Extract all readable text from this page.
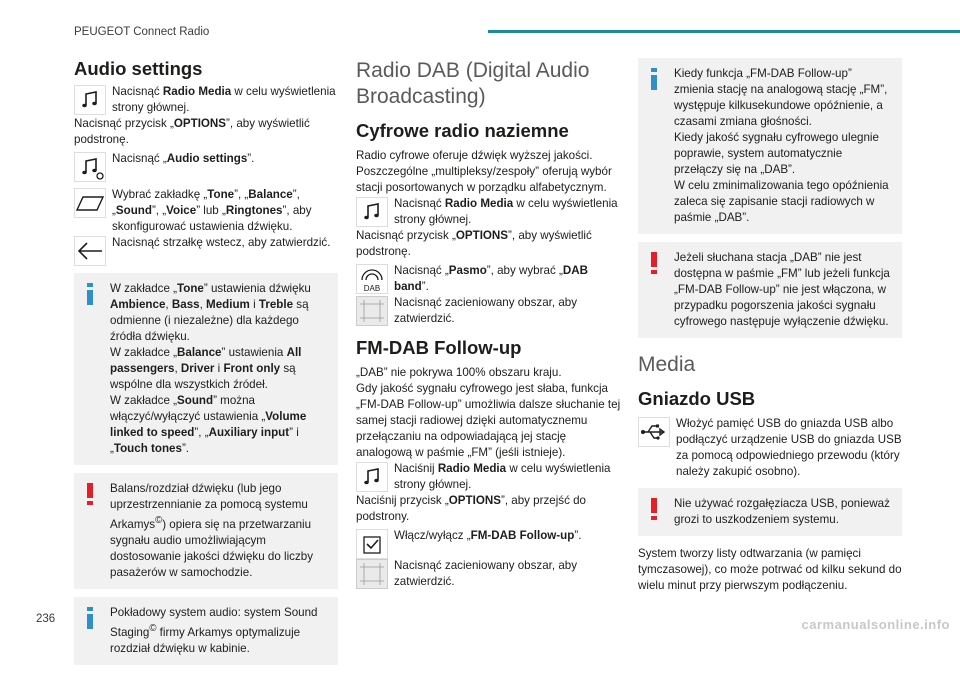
PEUGEOT Connect Radio
Audio settings

Nacisnąć Radio Media w celu wyświetlenia strony głównej.

Nacisnąć przycisk „OPTIONS”, aby wyświetlić podstronę.

Nacisnąć „Audio settings”.

Wybrać zakładkę „Tone”, „Balance”, „Sound”, „Voice” lub „Ringtones”, aby skonfigurować ustawienia dźwięku.

Nacisnąć strzałkę wstecz, aby zatwierdzić.

W zakładce „Tone” ustawienia dźwięku Ambience, Bass, Medium i Treble są odmienne (i niezależne) dla każdego źródła dźwięku.

W zakładce „Balance” ustawienia All passengers, Driver i Front only są wspólne dla wszystkich źródeł.

W zakładce „Sound” można włączyć/wyłączyć ustawienia „Volume linked to speed”, „Auxiliary input” i „Touch tones”.

Balans/rozdział dźwięku (lub jego uprzestrzennianie za pomocą systemu Arkamys©) opiera się na przetwarzaniu sygnału audio umożliwiającym dostosowanie jakości dźwięku do liczby pasażerów w samochodzie.

Pokładowy system audio: system Sound Staging© firmy Arkamys optymalizuje rozdział dźwięku w kabinie.

Radio DAB (Digital Audio Broadcasting)
Cyfrowe radio naziemne

Radio cyfrowe oferuje dźwięk wyższej jakości.

Poszczególne „multipleksy/zespoły” oferują wybór stacji posortowanych w porządku alfabetycznym.

Nacisnąć Radio Media w celu wyświetlenia strony głównej.

Nacisnąć przycisk „OPTIONS”, aby wyświetlić podstronę.

DAB

Nacisnąć „Pasmo”, aby wybrać „DAB band”.

Nacisnąć zacieniowany obszar, aby zatwierdzić.

FM-DAB Follow-up

„DAB” nie pokrywa 100% obszaru kraju.

Gdy jakość sygnału cyfrowego jest słaba, funkcja „FM-DAB Follow-up” umożliwia dalsze słuchanie tej samej stacji radiowej dzięki automatycznemu przełączaniu na odpowiadającą jej stację analogową w paśmie „FM” (jeśli istnieje).

Naciśnij Radio Media w celu wyświetlenia strony głównej.

Naciśnij przycisk „OPTIONS”, aby przejść do podstrony.

Włącz/wyłącz „FM-DAB Follow-up”.

Nacisnąć zacieniowany obszar, aby zatwierdzić.

Kiedy funkcja „FM-DAB Follow-up” zmienia stację na analogową stację „FM”, występuje kilkusekundowe opóźnienie, a czasami zmiana głośności.

Kiedy jakość sygnału cyfrowego ulegnie poprawie, system automatycznie przełączy się na „DAB”.

W celu zminimalizowania tego opóźnienia zaleca się zapisanie stacji radiowych w paśmie „DAB”.

Jeżeli słuchana stacja „DAB” nie jest dostępna w paśmie „FM” lub jeżeli funkcja „FM-DAB Follow-up” nie jest włączona, w przypadku pogorszenia jakości sygnału cyfrowego następuje wyłączenie dźwięku.

Media
Gniazdo USB

Włożyć pamięć USB do gniazda USB albo podłączyć urządzenie USB do gniazda USB za pomocą odpowiedniego przewodu (który należy zakupić osobno).

Nie używać rozgałęziacza USB, ponieważ grozi to uszkodzeniem systemu.

System tworzy listy odtwarzania (w pamięci tymczasowej), co może potrwać od kilku sekund do wielu minut przy pierwszym podłączeniu.

236	carmanualsonline.info
